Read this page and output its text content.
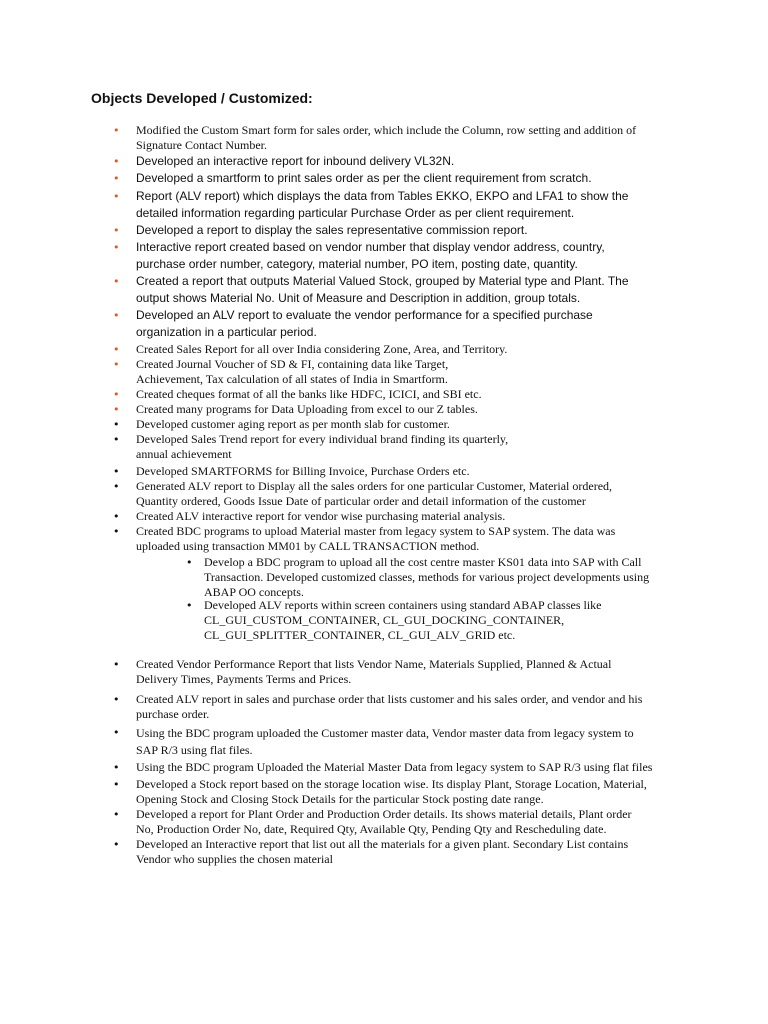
Objects Developed / Customized:
• Modified the Custom Smart form for sales order, which include the Column, row setting and addition of
Signature Contact Number.
• Developed an interactive report for inbound delivery VL32N.
• Developed a smartform to print sales order as per the client requirement from scratch.
• Report (ALV report) which displays the data from Tables EKKO, EKPO and LFA1 to show the
detailed information regarding particular Purchase Order as per client requirement.
• Developed a report to display the sales representative commission report.
• Interactive report created based on vendor number that display vendor address, country,
purchase order number, category, material number, PO item, posting date, quantity.
• Created a report that outputs Material Valued Stock, grouped by Material type and Plant. The
output shows Material No. Unit of Measure and Description in addition, group totals.
• Developed an ALV report to evaluate the vendor performance for a specified purchase
organization in a particular period.
• Created Sales Report for all over India considering Zone, Area, and Territory.
• Created Journal Voucher of SD & FI, containing data like Target,
Achievement, Tax calculation of all states of India in Smartform.
• Created cheques format of all the banks like HDFC, ICICI, and SBI etc.
• Created many programs for Data Uploading from excel to our Z tables.
• Developed customer aging report as per month slab for customer.
• Developed Sales Trend report for every individual brand finding its quarterly,
annual achievement
• Developed SMARTFORMS for Billing Invoice, Purchase Orders etc.
• Generated ALV report to Display all the sales orders for one particular Customer, Material ordered,
Quantity ordered, Goods Issue Date of particular order and detail information of the customer
• Created ALV interactive report for vendor wise purchasing material analysis.
• Created BDC programs to upload Material master from legacy system to SAP system. The data was
uploaded using transaction MM01 by CALL TRANSACTION method.
• Develop a BDC program to upload all the cost centre master KS01 data into SAP with Call
Transaction. Developed customized classes, methods for various project developments using
ABAP OO concepts.
• Developed ALV reports within screen containers using standard ABAP classes like
CL_GUI_CUSTOM_CONTAINER, CL_GUI_DOCKING_CONTAINER,
CL_GUI_SPLITTER_CONTAINER, CL_GUI_ALV_GRID etc.
• Created Vendor Performance Report that lists Vendor Name, Materials Supplied, Planned & Actual
Delivery Times, Payments Terms and Prices.
• Created ALV report in sales and purchase order that lists customer and his sales order, and vendor and his
purchase order.
• Using the BDC program uploaded the Customer master data, Vendor master data from legacy system to
SAP R/3 using flat files.
• Using the BDC program Uploaded the Material Master Data from legacy system to SAP R/3 using flat files
• Developed a Stock report based on the storage location wise. Its display Plant, Storage Location, Material,
Opening Stock and Closing Stock Details for the particular Stock posting date range.
• Developed a report for Plant Order and Production Order details. Its shows material details, Plant order
No, Production Order No, date, Required Qty, Available Qty, Pending Qty and Rescheduling date.
• Developed an Interactive report that list out all the materials for a given plant. Secondary List contains
Vendor who supplies the chosen material
